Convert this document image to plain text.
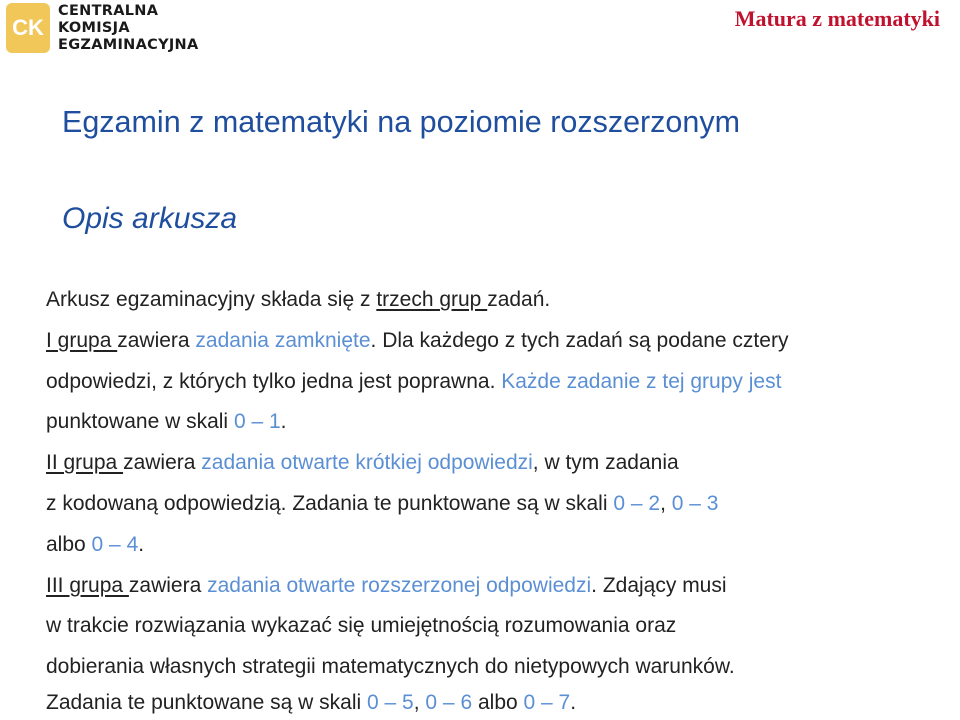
CK
CENTRALNA
KOMISJA
EGZAMINACYJNA
Matura z matematyki
Egzamin z matematyki na poziomie rozszerzonym
Opis arkusza
Arkusz egzaminacyjny składa się z trzech grup zadań.
I grupa zawiera zadania zamknięte. Dla każdego z tych zadań są podane cztery
odpowiedzi, z których tylko jedna jest poprawna. Każde zadanie z tej grupy jest
punktowane w skali 0 – 1.
II grupa zawiera zadania otwarte krótkiej odpowiedzi, w tym zadania
z kodowaną odpowiedzią. Zadania te punktowane są w skali 0 – 2, 0 – 3
albo 0 – 4.
III grupa zawiera zadania otwarte rozszerzonej odpowiedzi. Zdający musi
w trakcie rozwiązania wykazać się umiejętnością rozumowania oraz
dobierania własnych strategii matematycznych do nietypowych warunków.
Zadania te punktowane są w skali 0 – 5, 0 – 6 albo 0 – 7.
